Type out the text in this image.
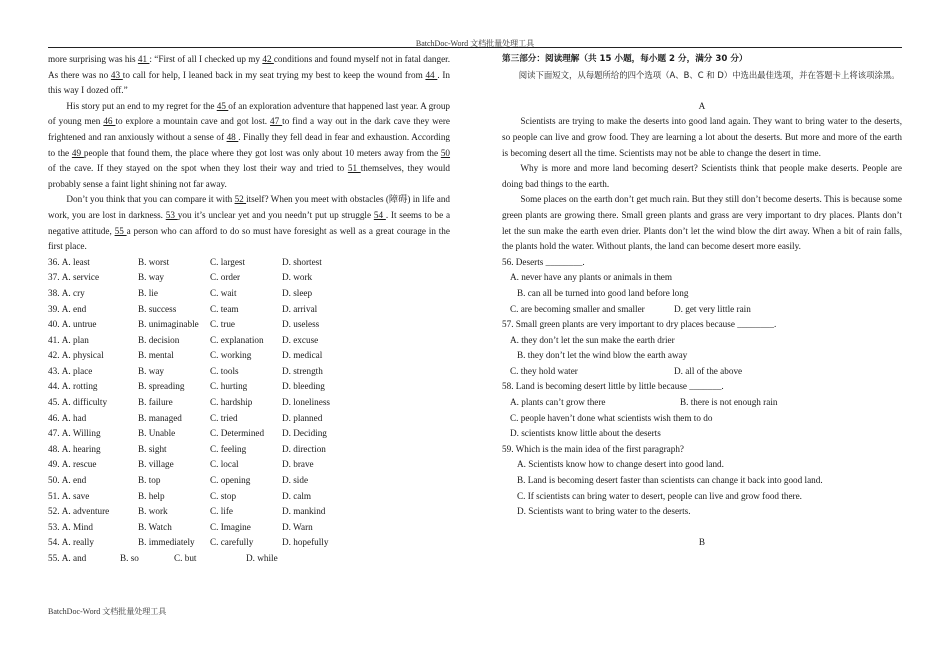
BatchDoc-Word 文档批量处理工具

more surprising was his 41 : “First of all I checked up my 42 conditions and found myself not in fatal danger. As there was no 43 to call for help, I leaned back in my seat trying my best to keep the wound from 44 . In this way I dozed off.”

His story put an end to my regret for the 45 of an exploration adventure that happened last year. A group of young men 46 to explore a mountain cave and got lost. 47 to find a way out in the dark cave they were frightened and ran anxiously without a sense of 48 . Finally they fell dead in fear and exhaustion. According to the 49 people that found them, the place where they got lost was only about 10 meters away from the 50 of the cave. If they stayed on the spot when they lost their way and tried to 51 themselves, they would probably sense a faint light shining not far away.

Don’t you think that you can compare it with 52 itself? When you meet with obstacles (障碍) in life and work, you are lost in darkness. 53 you it’s unclear yet and you needn’t put up struggle 54 . It seems to be a negative attitude, 55 a person who can afford to do so must have foresight as well as a great courage in the first place.

36. A. least	B. worst	C. largest	D. shortest
37. A. service	B. way	C. order	D. work
38. A. cry	B. lie	C. wait	D. sleep
39. A. end	B. success	C. team	D. arrival
40. A. untrue	B. unimaginable	C. true	D. useless
41. A. plan	B. decision	C. explanation	D. excuse
42. A. physical	B. mental	C. working	D. medical
43. A. place	B. way	C. tools	D. strength
44. A. rotting	B. spreading	C. hurting	D. bleeding
45. A. difficulty	B. failure	C. hardship	D. loneliness
46. A. had	B. managed	C. tried	D. planned
47. A. Willing	B. Unable	C. Determined	D. Deciding
48. A. hearing	B. sight	C. feeling	D. direction
49. A. rescue	B. village	C. local	D. brave
50. A. end	B. top	C. opening	D. side
51. A. save	B. help	C. stop	D. calm
52. A. adventure	B. work	C. life	D. mankind
53. A. Mind	B. Watch	C. Imagine	D. Warn
54. A. really	B. immediately	C. carefully	D. hopefully
55. A. and	B. so	C. but	D. while

第三部分：阅读理解（共 15 小题，每小题 2 分，满分 30 分）

阅读下面短文，从每题所给的四个选项（A、B、C 和 D）中选出最佳选项，并在答题卡上将该项涂黑。

A

Scientists are trying to make the deserts into good land again. They want to bring water to the deserts, so people can live and grow food. They are learning a lot about the deserts. But more and more of the earth is becoming desert all the time. Scientists may not be able to change the desert in time.

Why is more and more land becoming desert? Scientists think that people make deserts. People are doing bad things to the earth.

Some places on the earth don’t get much rain. But they still don’t become deserts. This is because some green plants are growing there. Small green plants and grass are very important to dry places. Plants don’t let the sun make the earth even drier. Plants don’t let the wind blow the dirt away. When a bit of rain falls, the plants hold the water. Without plants, the land can become desert more easily.

56. Deserts ________.

A. never have any plants or animals in them

B. can all be turned into good land before long

C. are becoming smaller and smaller	D. get very little rain

57. Small green plants are very important to dry places because ________.

A. they don’t let the sun make the earth drier

B. they don’t let the wind blow the earth away

C. they hold water	D. all of the above

58. Land is becoming desert little by little because _______.

A. plants can’t grow there	B. there is not enough rain

C. people haven’t done what scientists wish them to do

D. scientists know little about the deserts

59. Which is the main idea of the first paragraph?

A. Scientists know how to change desert into good land.

B. Land is becoming desert faster than scientists can change it back into good land.

C. If scientists can bring water to desert, people can live and grow food there.

D. Scientists want to bring water to the deserts.

B

BatchDoc-Word 文档批量处理工具
